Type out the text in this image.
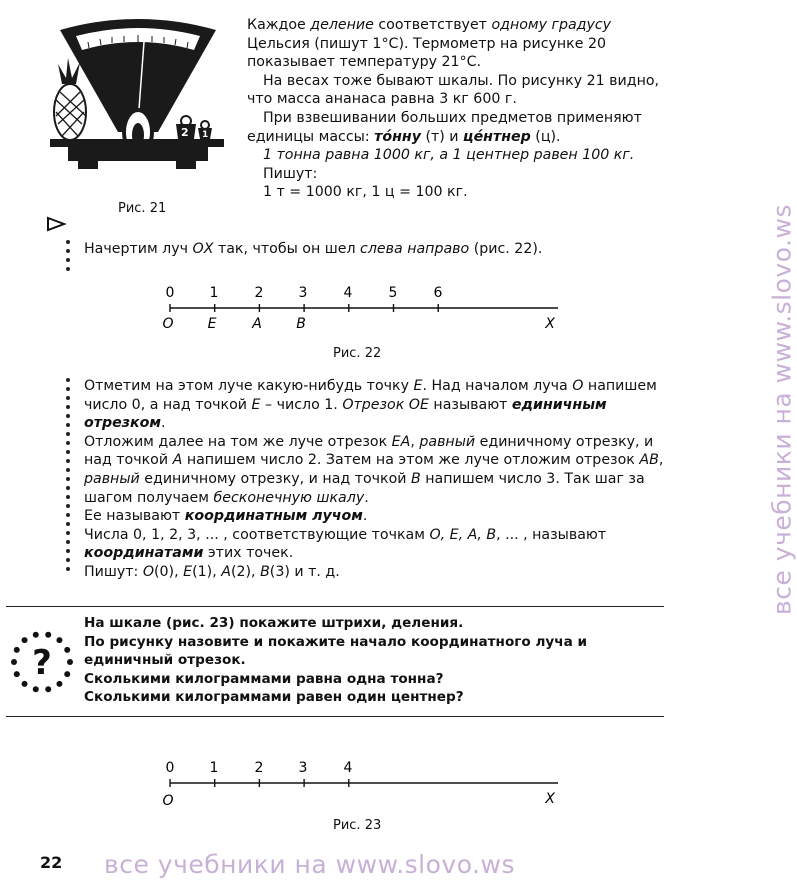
2 1
Рис. 21
Каждое деление соответствует одному градусу Цельсия (пишут 1°С). Термометр на рисунке 20 показывает температуру 21°С.
На весах тоже бывают шкалы. По рисунку 21 видно, что масса ананаса равна 3 кг 600 г.
При взвешивании больших предметов применяют единицы массы: то́нну (т) и це́нтнер (ц).
1 тонна равна 1000 кг, а 1 центнер равен 100 кг.
Пишут:
1 т = 1000 кг, 1 ц = 100 кг.
Начертим луч ОХ так, чтобы он шел слева направо (рис. 22).
0	1	2	3	4	5	6
O E	A B	X
Рис. 22
Отметим на этом луче какую-нибудь точку Е. Над началом луча О напишем число 0, а над точкой Е – число 1. Отрезок ОЕ называют единичным отрезком.
Отложим далее на том же луче отрезок ЕА, равный единичному отрезку, и над точкой А напишем число 2. Затем на этом же луче отложим отрезок АВ, равный единичному отрезку, и над точкой В напишем число 3. Так шаг за шагом получаем бесконечную шкалу.
Ее называют координатным лучом.
Числа 0, 1, 2, 3, ... , соответствующие точкам О, Е, А, В, ... , называют координатами этих точек.
Пишут: О(0), Е(1), А(2), В(3) и т. д.
?
На шкале (рис. 23) покажите штрихи, деления.
По рисунку назовите и покажите начало координатного луча и единичный отрезок.
Сколькими килограммами равна одна тонна?
Сколькими килограммами равен один центнер?
0	1	2	3	4
O	X
Рис. 23
22 все учебники на www.slovo.ws
все учебники на www.slovo.ws
